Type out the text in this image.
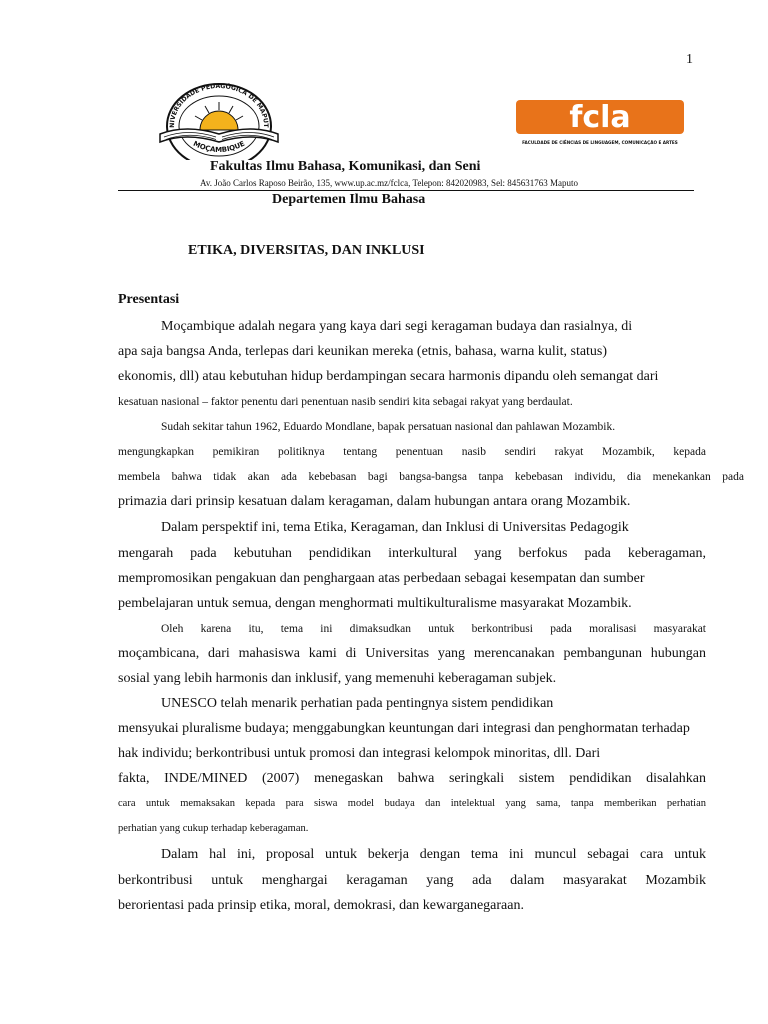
1
NIVERSIDADE PEDAGÓGICA DE MAPUT
MOÇAMBIQUE
fcla
FACULDADE DE CIÊNCIAS DE LINGUAGEM, COMUNICAÇÃO E ARTES
Fakultas Ilmu Bahasa, Komunikasi, dan Seni
Av. João Carlos Raposo Beirão, 135, www.up.ac.mz/fclca, Telepon: 842020983, Sel: 845631763 Maputo
Departemen Ilmu Bahasa
ETIKA, DIVERSITAS, DAN INKLUSI
Presentasi
Moçambique adalah negara yang kaya dari segi keragaman budaya dan rasialnya, di
apa saja bangsa Anda, terlepas dari keunikan mereka (etnis, bahasa, warna kulit, status)
ekonomis, dll) atau kebutuhan hidup berdampingan secara harmonis dipandu oleh semangat dari
kesatuan nasional – faktor penentu dari penentuan nasib sendiri kita sebagai rakyat yang berdaulat.
Sudah sekitar tahun 1962, Eduardo Mondlane, bapak persatuan nasional dan pahlawan Mozambik.
mengungkapkan pemikiran politiknya tentang penentuan nasib sendiri rakyat Mozambik, kepada
membela bahwa tidak akan ada kebebasan bagi bangsa-bangsa tanpa kebebasan individu, dia menekankan pada
primazia dari prinsip kesatuan dalam keragaman, dalam hubungan antara orang Mozambik.
Dalam perspektif ini, tema Etika, Keragaman, dan Inklusi di Universitas Pedagogik
mengarah pada kebutuhan pendidikan interkultural yang berfokus pada keberagaman,
mempromosikan pengakuan dan penghargaan atas perbedaan sebagai kesempatan dan sumber
pembelajaran untuk semua, dengan menghormati multikulturalisme masyarakat Mozambik.
Oleh karena itu, tema ini dimaksudkan untuk berkontribusi pada moralisasi masyarakat
moçambicana, dari mahasiswa kami di Universitas yang merencanakan pembangunan hubungan
sosial yang lebih harmonis dan inklusif, yang memenuhi keberagaman subjek.
UNESCO telah menarik perhatian pada pentingnya sistem pendidikan
mensyukai pluralisme budaya; menggabungkan keuntungan dari integrasi dan penghormatan terhadap
hak individu; berkontribusi untuk promosi dan integrasi kelompok minoritas, dll. Dari
fakta, INDE/MINED (2007) menegaskan bahwa seringkali sistem pendidikan disalahkan
cara untuk memaksakan kepada para siswa model budaya dan intelektual yang sama, tanpa memberikan perhatian
perhatian yang cukup terhadap keberagaman.
Dalam hal ini, proposal untuk bekerja dengan tema ini muncul sebagai cara untuk
berkontribusi untuk menghargai keragaman yang ada dalam masyarakat Mozambik
berorientasi pada prinsip etika, moral, demokrasi, dan kewarganegaraan.
